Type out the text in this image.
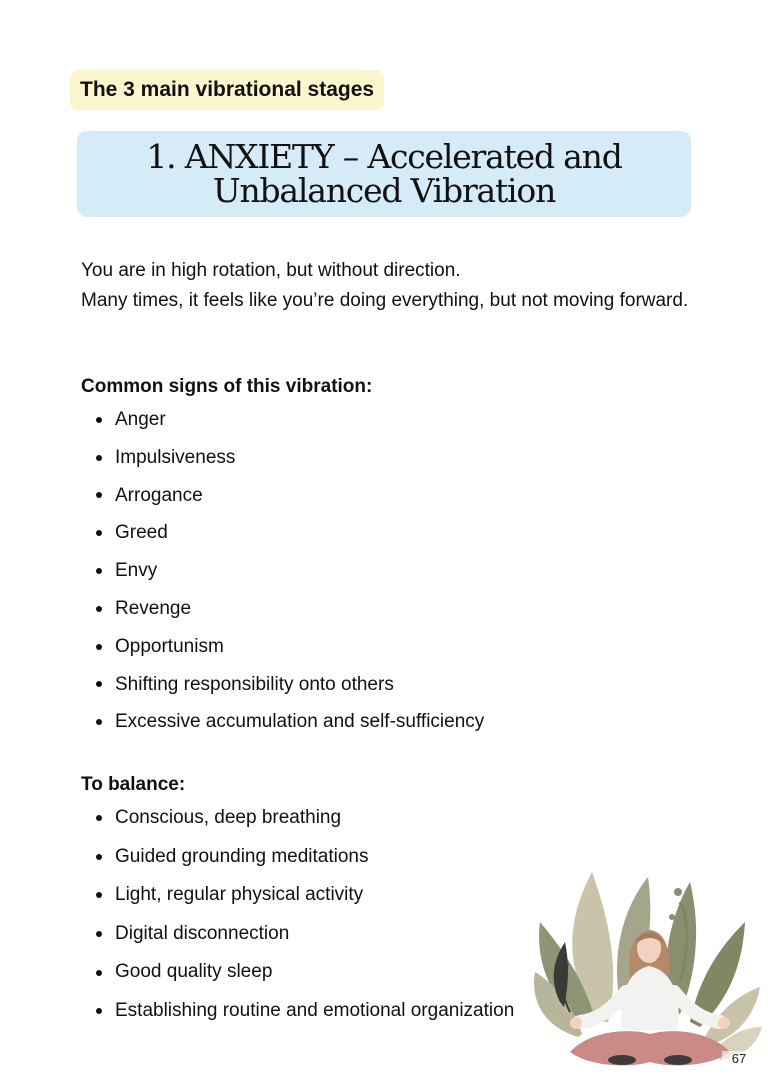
The 3 main vibrational stages
1. ANXIETY – Accelerated and Unbalanced Vibration

You are in high rotation, but without direction.

Many times, it feels like you’re doing everything, but not moving forward.

Common signs of this vibration:

Anger
Impulsiveness
Arrogance
Greed
Envy
Revenge
Opportunism
Shifting responsibility onto others
Excessive accumulation and self-sufficiency

To balance:

Conscious, deep breathing
Guided grounding meditations
Light, regular physical activity
Digital disconnection
Good quality sleep
Establishing routine and emotional organization
67
